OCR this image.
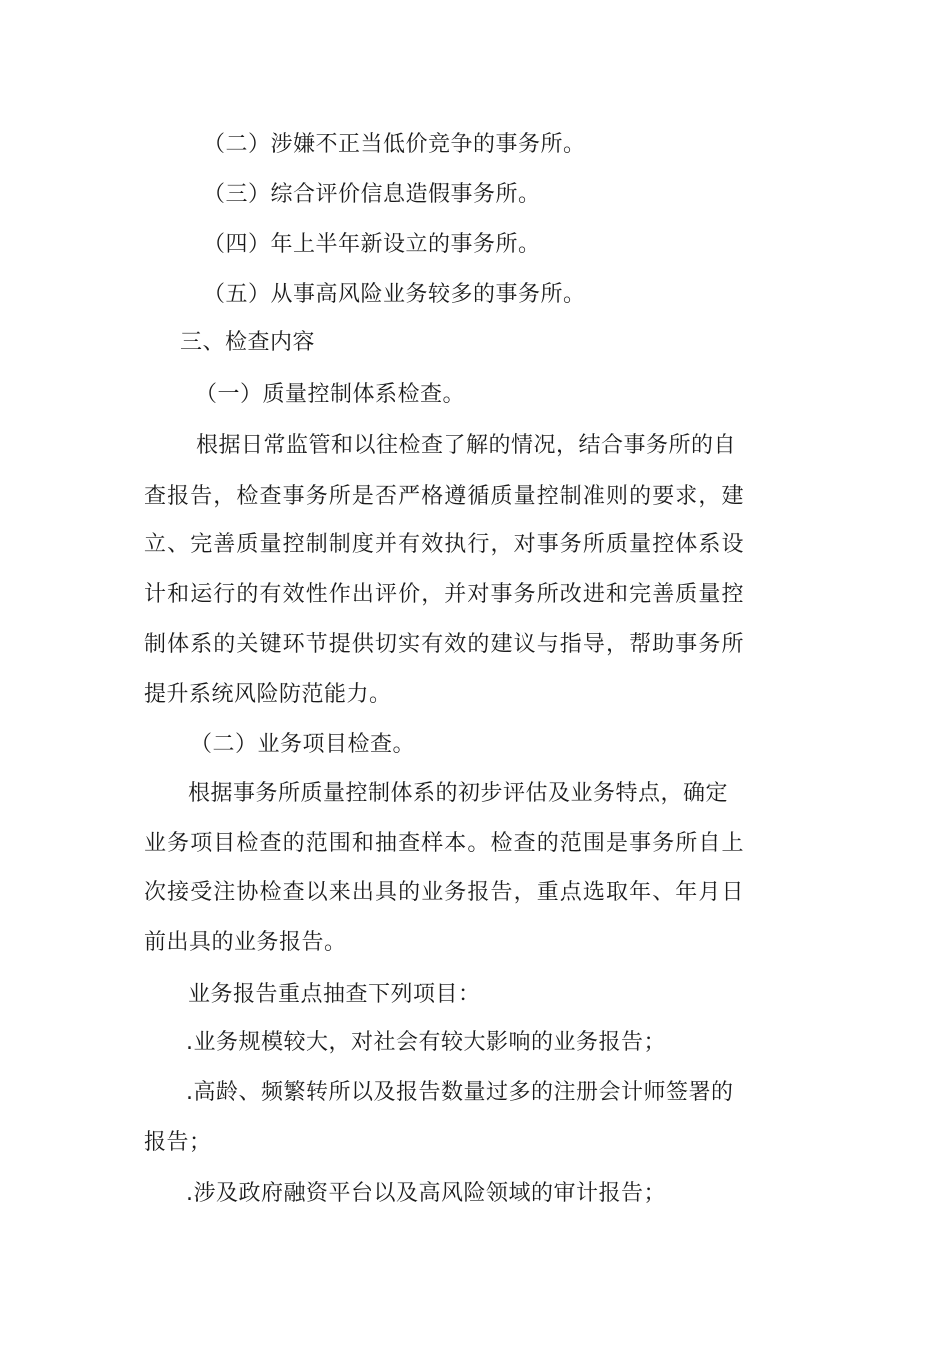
（二）涉嫌不正当低价竞争的事务所。
（三）综合评价信息造假事务所。
（四）年上半年新设立的事务所。
（五）从事高风险业务较多的事务所。
三、检查内容
（一）质量控制体系检查。
根据日常监管和以往检查了解的情况，结合事务所的自
查报告，检查事务所是否严格遵循质量控制准则的要求，建
立、完善质量控制制度并有效执行，对事务所质量控体系设
计和运行的有效性作出评价，并对事务所改进和完善质量控
制体系的关键环节提供切实有效的建议与指导，帮助事务所
提升系统风险防范能力。
（二）业务项目检查。
根据事务所质量控制体系的初步评估及业务特点，确定
业务项目检查的范围和抽查样本。检查的范围是事务所自上
次接受注协检查以来出具的业务报告，重点选取年、年月日
前出具的业务报告。
业务报告重点抽查下列项目：
.业务规模较大，对社会有较大影响的业务报告；
.高龄、频繁转所以及报告数量过多的注册会计师签署的
报告；
.涉及政府融资平台以及高风险领域的审计报告；
